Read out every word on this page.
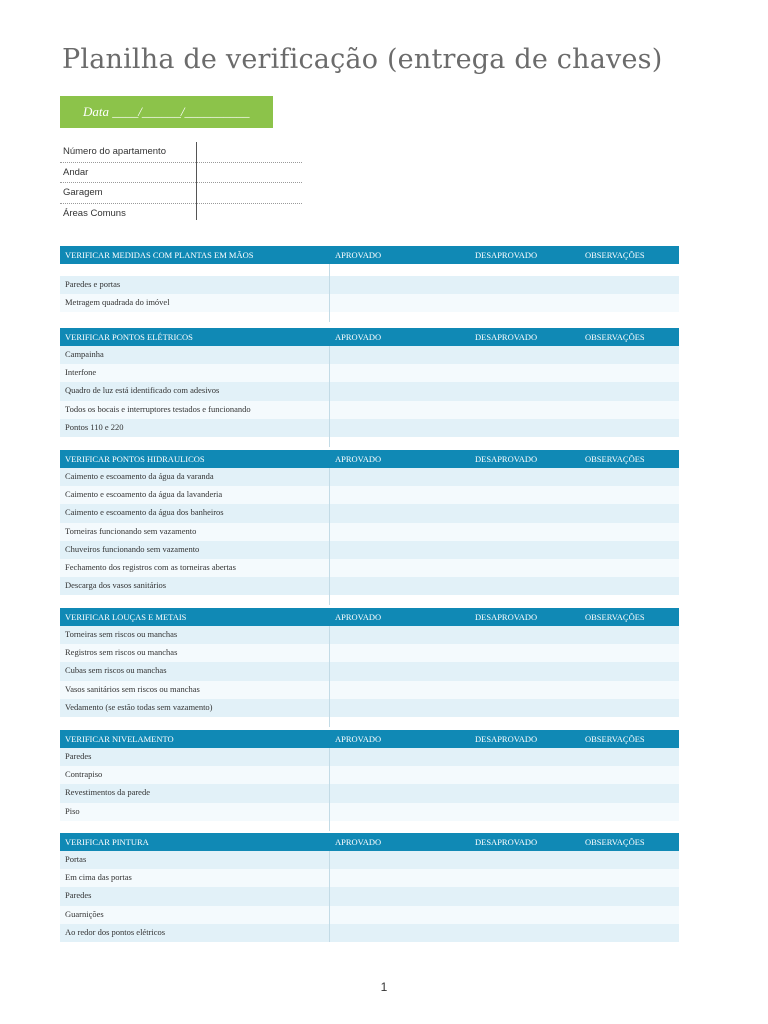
Planilha de verificação (entrega de chaves)
Data ____/______/__________
Número do apartamento
Andar
Garagem
Áreas Comuns
VERIFICAR MEDIDAS COM PLANTAS EM MÃOS	APROVADO	DESAPROVADO	OBSERVAÇÕES
Paredes e portas
Metragem quadrada do imóvel
VERIFICAR PONTOS ELÉTRICOS	APROVADO	DESAPROVADO	OBSERVAÇÕES
Campainha
Interfone
Quadro de luz está identificado com adesivos
Todos os bocais e interruptores testados e funcionando
Pontos 110 e 220
VERIFICAR PONTOS HIDRAULICOS	APROVADO	DESAPROVADO	OBSERVAÇÕES
Caimento e escoamento da água da varanda
Caimento e escoamento da água da lavanderia
Caimento e escoamento da água dos banheiros
Torneiras funcionando sem vazamento
Chuveiros funcionando sem vazamento
Fechamento dos registros com as torneiras abertas
Descarga dos vasos sanitários
VERIFICAR LOUÇAS E METAIS	APROVADO	DESAPROVADO	OBSERVAÇÕES
Torneiras sem riscos ou manchas
Registros sem riscos ou manchas
Cubas sem riscos ou manchas
Vasos sanitários sem riscos ou manchas
Vedamento (se estão todas sem vazamento)
VERIFICAR NIVELAMENTO	APROVADO	DESAPROVADO	OBSERVAÇÕES
Paredes
Contrapiso
Revestimentos da parede
Piso
VERIFICAR PINTURA	APROVADO	DESAPROVADO	OBSERVAÇÕES
Portas
Em cima das portas
Paredes
Guarnições
Ao redor dos pontos elétricos
1
